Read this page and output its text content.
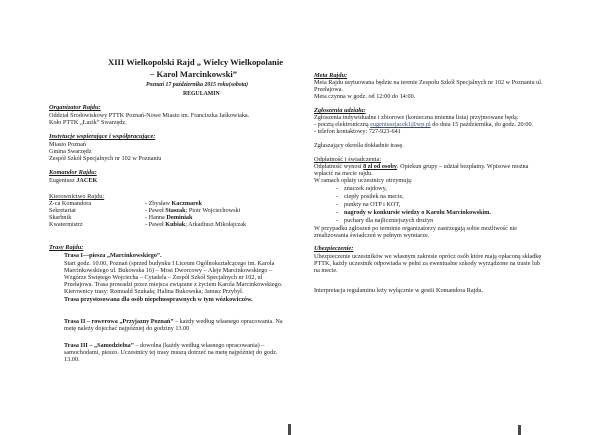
XIII Wielkopolski Rajd „ Wielcy Wielkopolanie
– Karol Marcinkowski”
Poznań 17 października 2015 roku(sobota)
REGULAMIN
Organizator Rajdu:
Oddział Środowiskowy PTTK Poznań-Nowe Miasto im. Franciszka Jaśkowiaka.
Koło PTTK „Łazik” Swarzędz.
Instytucje wspierające i współpracujące:
Miasto Poznań
Gmina Swarzędz
Zespół Szkół Specjalnych nr 102 w Poznaniu
Komandor Rajdu:
Eugeniusz JACEK
Kierownictwo Rajdu:
Z-ca Komandora	- Zbysław Kaczmarek
Sekretariat	- Paweł Staszak; Piotr Wojciechowski
Skarbnik	- Hanna Dominiak
Kwatermistrz	- Paweł Kubiak; Arkadiusz Mikołajczak
Trasy Rajdu:
Trasa I—piesza „Marcinkowskiego”.
Start godz. 10.00, Poznań (sprzed budynku I Liceum Ogólnokształcącego im. Karola
Marcinkowskiego ul. Bukowska 16) – Most Dworcowy – Aleje Marcinkowskiego –
Wzgórze Świętego Wojciecha – Cytadela – Zespół Szkół Specjalnych nr 102, ul
Przełajowa. Trasa prowadzi przez miejsca związane z życiem Karola Marcinkowskiego.
Kierownicy trasy: Romuald Szukała; Halina Bukowska; Janusz Przybył.
Trasa przystosowana dla osób niepełnosprawnych w tym wózkowiczów.
Trasa II – rowerowa „Przyjazny Poznań” – każdy według własnego opracowania. Na
metę należy dojechać najpóźniej do godziny 13.00
Trasa III – „Samodzielna” – dowolna (każdy według własnego opracowania) –
samochodami, pieszo. Uczestnicy tej trasy muszą dotrzeć na metę najpóźniej do godz.
13.00.
Meta Rajdu:
Meta Rajdu usytuowana będzie na terenie Zespołu Szkół Specjalnych nr 102 w Poznaniu ul.
Przełajowa.
Meta czynna w godz. od 12:00 do 14:00.
Zgłoszenia udziału:
Zgłoszenia indywidualne i zbiorowe (konieczna imienna lista) przyjmowane będą:
- pocztą elektroniczną eugeniuszjacek1@wp.pl do dnia 15 października, do godz. 20:00.
- telefon kontaktowy: 727-923-641
Zgłaszający określa dokładnie trasę.
Odpłatność i świadczenia:
Odpłatność wynosi 8 zł od osoby. Opiekun grupy – udział bezpłatny. Wpisowe można
wpłacić na mecie rajdu.
W ramach opłaty uczestnicy otrzymują:
- znaczek rajdowy,
- ciepły posiłek na mecie,
- punkty na OTP i KOT,
- nagrody w konkursie wiedzy o Karolu Marcinkowskim.
- puchary dla najliczniejszych drużyn
W przypadku zgłoszeń po terminie organizatorzy zastrzegają sobie możliwość nie
zrealizowania świadczeń w pełnym wymiarze.
Ubezpieczenie:
Ubezpieczenie uczestników we własnym zakresie oprócz osób które mają opłaconą składkę
PTTK, każdy uczestnik odpowiada w pełni za ewentualne szkody wyrządzone na trasie lub
na mecie.
Interpretacja regulaminu leży wyłącznie w gestii Komandora Rajdu.
